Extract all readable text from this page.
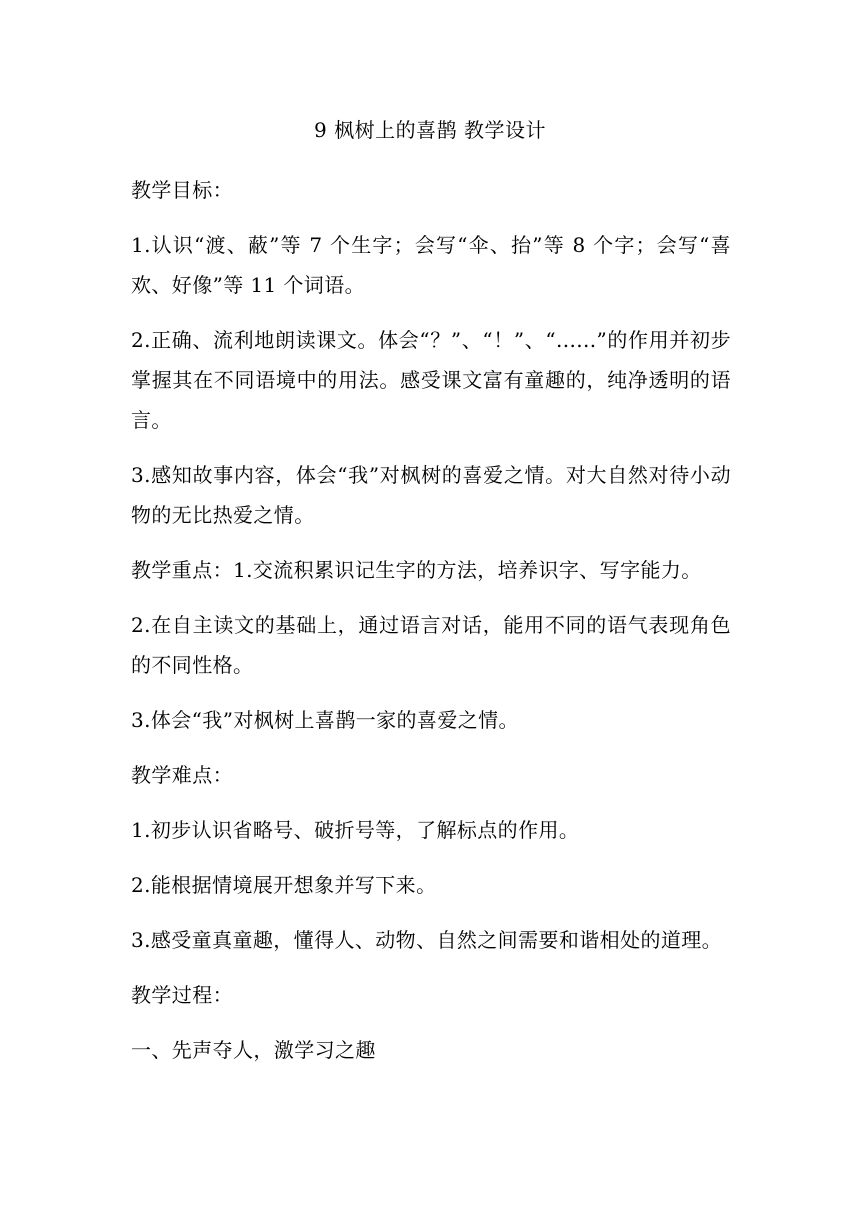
9 枫树上的喜鹊 教学设计

教学目标：

1.认识“渡、蔽”等 7 个生字；会写“伞、抬”等 8 个字；会写“喜欢、好像”等 11 个词语。

2.正确、流利地朗读课文。体会“？”、“！”、“......”的作用并初步掌握其在不同语境中的用法。感受课文富有童趣的，纯净透明的语言。

3.感知故事内容，体会“我”对枫树的喜爱之情。对大自然对待小动物的无比热爱之情。

教学重点：1.交流积累识记生字的方法，培养识字、写字能力。

2.在自主读文的基础上，通过语言对话，能用不同的语气表现角色的不同性格。

3.体会“我”对枫树上喜鹊一家的喜爱之情。

教学难点：

1.初步认识省略号、破折号等，了解标点的作用。

2.能根据情境展开想象并写下来。

3.感受童真童趣，懂得人、动物、自然之间需要和谐相处的道理。

教学过程：

一、先声夺人，激学习之趣
